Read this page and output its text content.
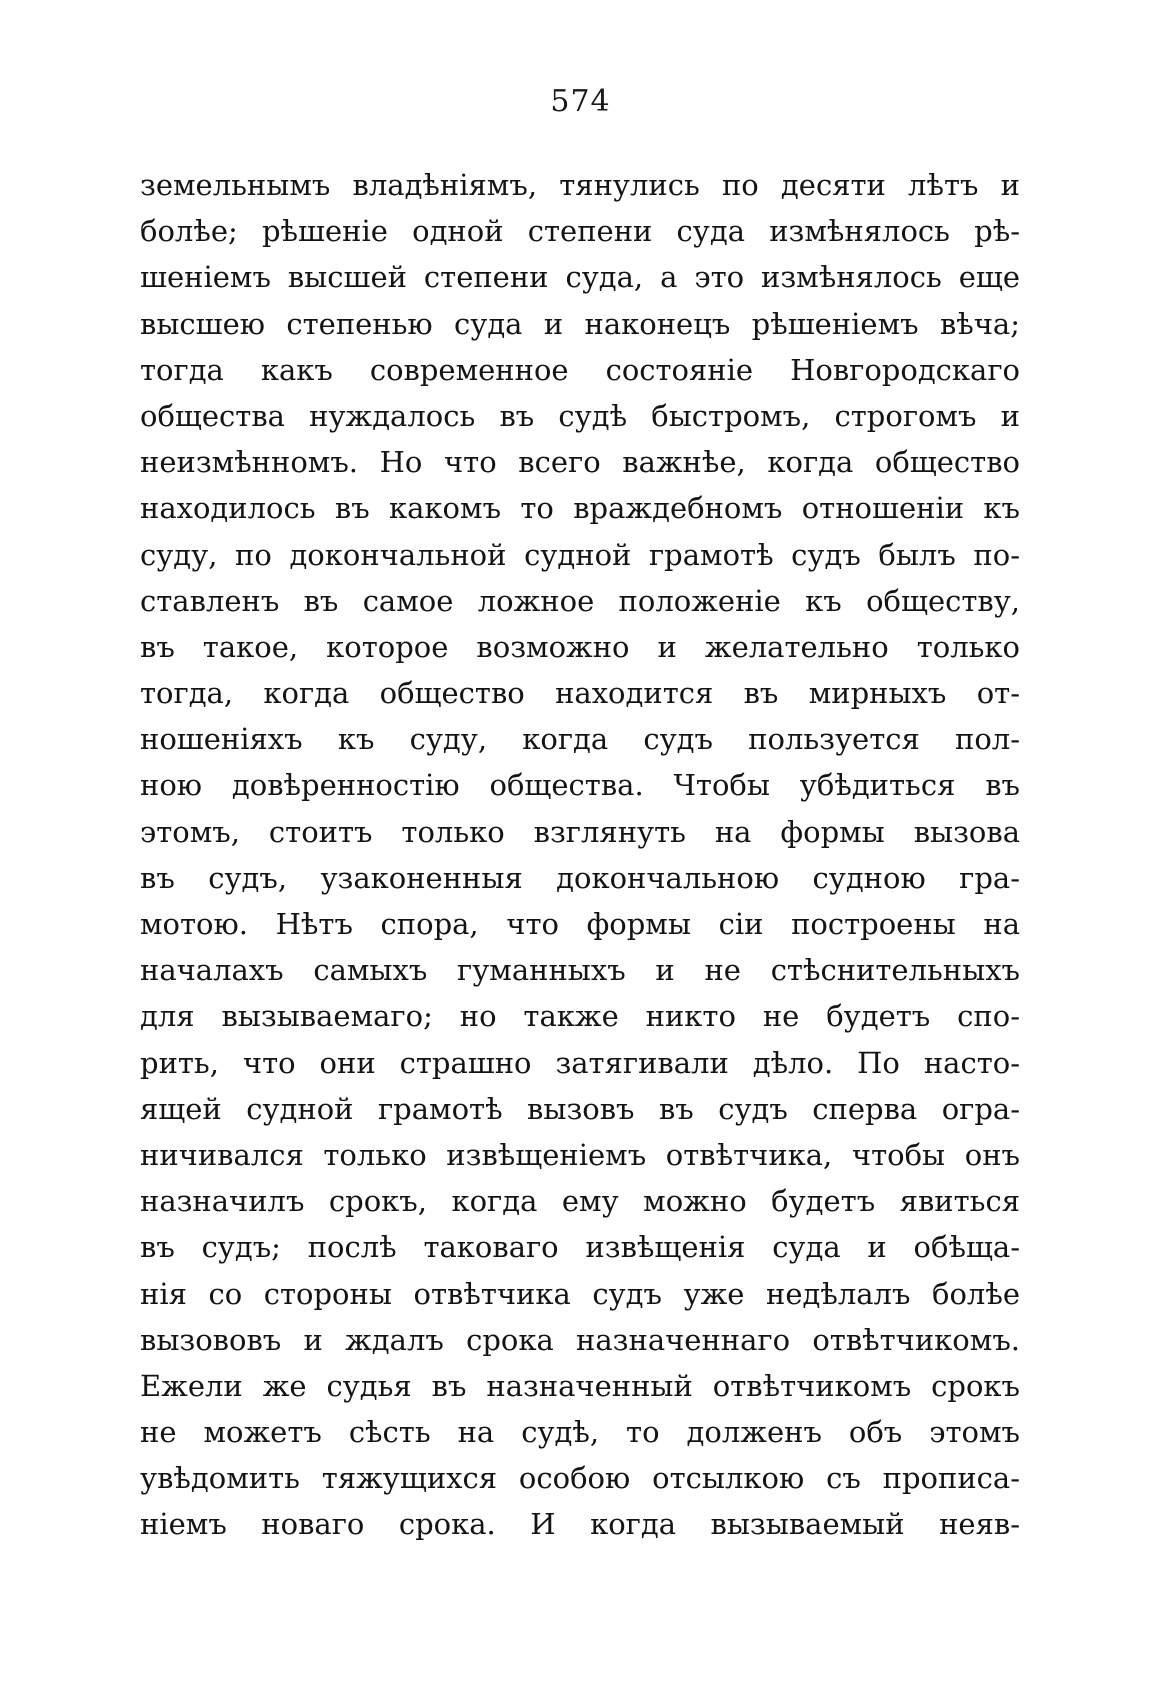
574
земельнымъ владѣніямъ, тянулись по десяти лѣтъ и
болѣе; рѣшеніе одной степени суда измѣнялось рѣ-
шеніемъ высшей степени суда, а это измѣнялось еще
высшею степенью суда и наконецъ рѣшеніемъ вѣча;
тогда какъ современное состояніе Новгородскаго
общества нуждалось въ судѣ быстромъ, строгомъ и
неизмѣнномъ. Но что всего важнѣе, когда общество
находилось въ какомъ то враждебномъ отношеніи къ
суду, по докончальной судной грамотѣ судъ былъ по-
ставленъ въ самое ложное положеніе къ обществу,
въ такое, которое возможно и желательно только
тогда, когда общество находится въ мирныхъ от-
ношеніяхъ къ суду, когда судъ пользуется пол-
ною довѣренностію общества. Чтобы убѣдиться въ
этомъ, стоитъ только взглянуть на формы вызова
въ судъ, узаконенныя докончальною судною гра-
мотою. Нѣтъ спора, что формы сіи построены на
началахъ самыхъ гуманныхъ и не стѣснительныхъ
для вызываемаго; но также никто не будетъ спо-
рить, что они страшно затягивали дѣло. По насто-
ящей судной грамотѣ вызовъ въ судъ сперва огра-
ничивался только извѣщеніемъ отвѣтчика, чтобы онъ
назначилъ срокъ, когда ему можно будетъ явиться
въ судъ; послѣ таковаго извѣщенія суда и обѣща-
нія со стороны отвѣтчика судъ уже недѣлалъ болѣе
вызововъ и ждалъ срока назначеннаго отвѣтчикомъ.
Ежели же судья въ назначенный отвѣтчикомъ срокъ
не можетъ сѣсть на судѣ, то долженъ объ этомъ
увѣдомить тяжущихся особою отсылкою съ прописа-
ніемъ новаго срока. И когда вызываемый неяв-
